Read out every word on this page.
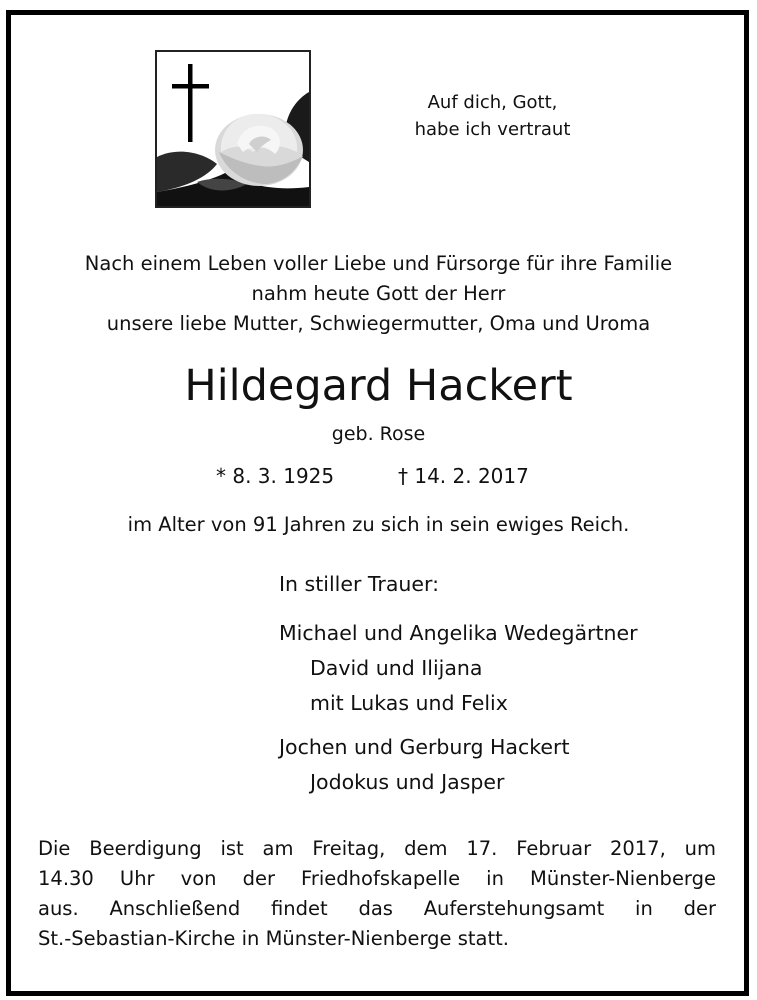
Auf dich, Gott,
habe ich vertraut
Nach einem Leben voller Liebe und Fürsorge für ihre Familie
nahm heute Gott der Herr
unsere liebe Mutter, Schwiegermutter, Oma und Uroma
Hildegard Hackert
geb. Rose
* 8. 3. 1925	† 14. 2. 2017
im Alter von 91 Jahren zu sich in sein ewiges Reich.
In stiller Trauer:
Michael und Angelika Wedegärtner
David und Ilijana
mit Lukas und Felix
Jochen und Gerburg Hackert
Jodokus und Jasper
Die Beerdigung ist am Freitag, dem 17. Februar 2017, um
14.30 Uhr von der Friedhofskapelle in Münster-Nienberge
aus. Anschließend findet das Auferstehungsamt in der
St.-Sebastian-Kirche in Münster-Nienberge statt.
